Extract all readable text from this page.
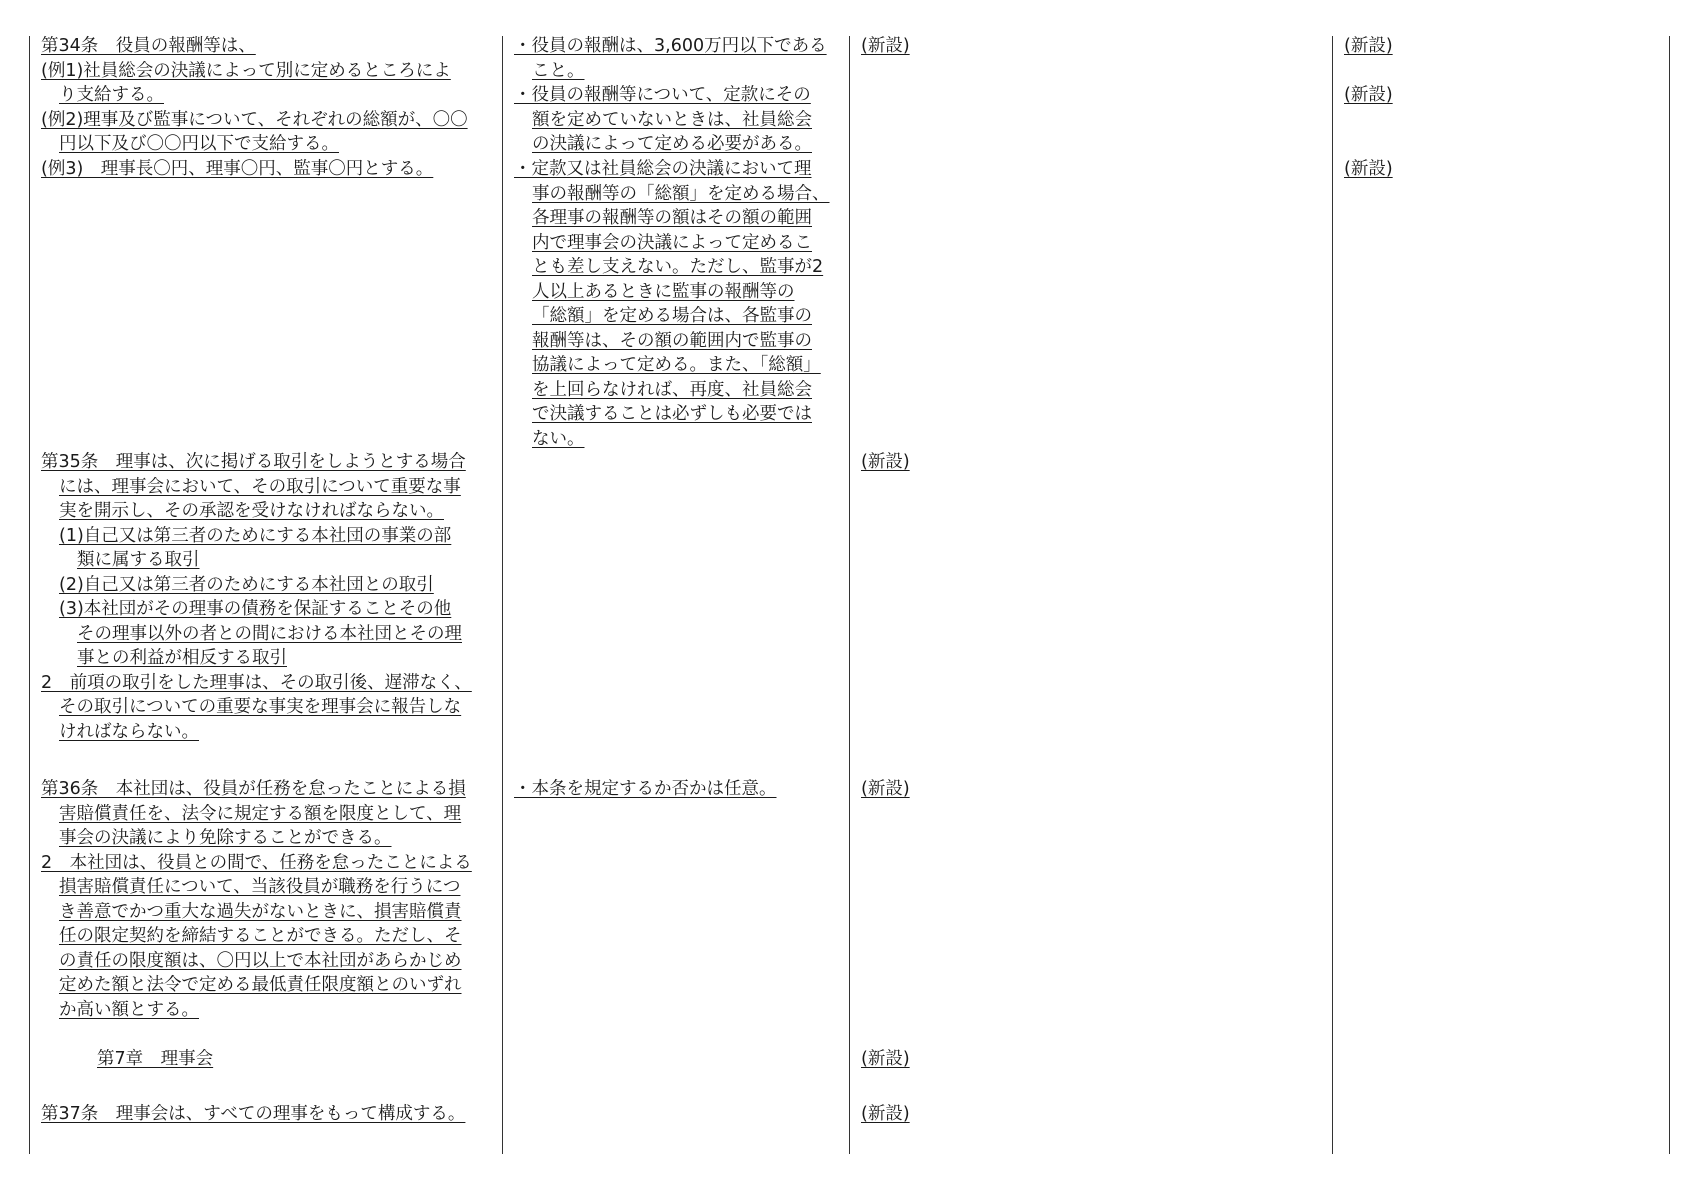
第34条　役員の報酬等は、
(例1)社員総会の決議によって別に定めるところによ
り支給する。
(例2)理事及び監事について、それぞれの総額が、〇〇
円以下及び〇〇円以下で支給する。
(例3)　理事長〇円、理事〇円、監事〇円とする。
第35条　理事は、次に掲げる取引をしようとする場合
には、理事会において、その取引について重要な事
実を開示し、その承認を受けなければならない。
(1)自己又は第三者のためにする本社団の事業の部
類に属する取引
(2)自己又は第三者のためにする本社団との取引
(3)本社団がその理事の債務を保証することその他
その理事以外の者との間における本社団とその理
事との利益が相反する取引
2　前項の取引をした理事は、その取引後、遅滞なく、
その取引についての重要な事実を理事会に報告しな
ければならない。
第36条　本社団は、役員が任務を怠ったことによる損
害賠償責任を、法令に規定する額を限度として、理
事会の決議により免除することができる。
2　本社団は、役員との間で、任務を怠ったことによる
損害賠償責任について、当該役員が職務を行うにつ
き善意でかつ重大な過失がないときに、損害賠償責
任の限定契約を締結することができる。ただし、そ
の責任の限度額は、〇円以上で本社団があらかじめ
定めた額と法令で定める最低責任限度額とのいずれ
か高い額とする。
第7章　理事会
第37条　理事会は、すべての理事をもって構成する。
・役員の報酬は、3,600万円以下である
こと。
・役員の報酬等について、定款にその
額を定めていないときは、社員総会
の決議によって定める必要がある。
・定款又は社員総会の決議において理
事の報酬等の「総額」を定める場合、
各理事の報酬等の額はその額の範囲
内で理事会の決議によって定めるこ
とも差し支えない。ただし、監事が2
人以上あるときに監事の報酬等の
「総額」を定める場合は、各監事の
報酬等は、その額の範囲内で監事の
協議によって定める。また、「総額」
を上回らなければ、再度、社員総会
で決議することは必ずしも必要では
ない。
・本条を規定するか否かは任意。
(新設)
(新設)
(新設)
(新設)
(新設)
(新設)
(新設)
(新設)
